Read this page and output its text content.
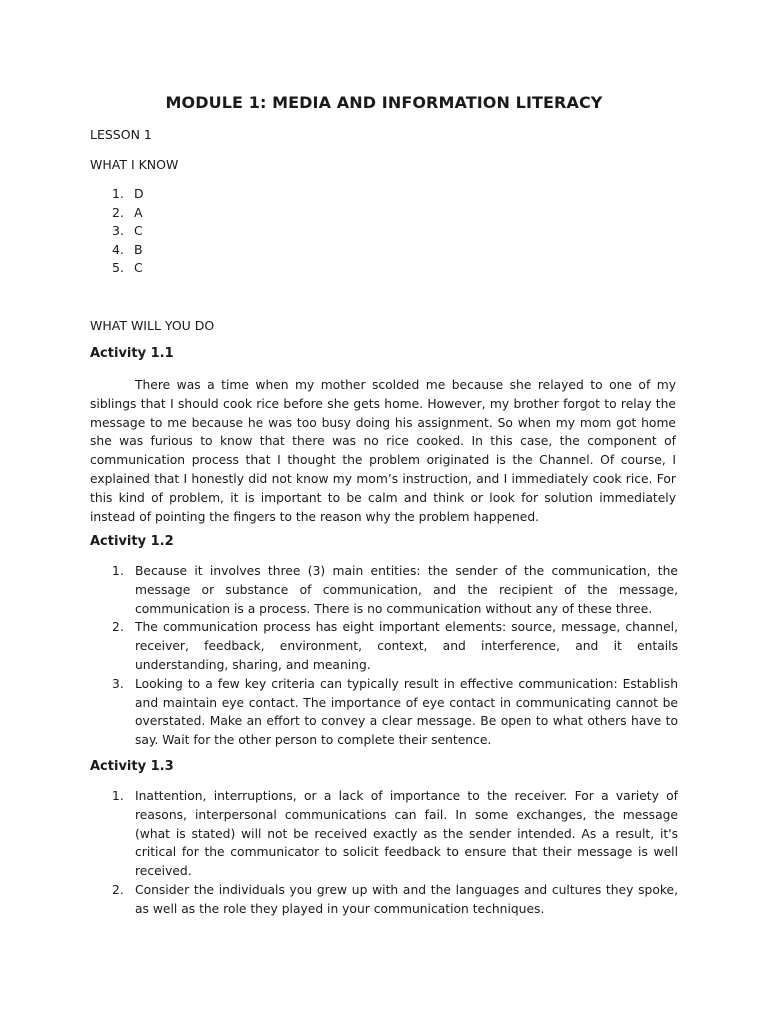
MODULE 1: MEDIA AND INFORMATION LITERACY
LESSON 1
WHAT I KNOW
1. D
2. A
3. C
4. B
5. C
WHAT WILL YOU DO
Activity 1.1

There was a time when my mother scolded me because she relayed to one of my siblings that I should cook rice before she gets home. However, my brother forgot to relay the message to me because he was too busy doing his assignment. So when my mom got home she was furious to know that there was no rice cooked. In this case, the component of communication process that I thought the problem originated is the Channel. Of course, I explained that I honestly did not know my mom’s instruction, and I immediately cook rice. For this kind of problem, it is important to be calm and think or look for solution immediately instead of pointing the fingers to the reason why the problem happened.

Activity 1.2
1. Because it involves three (3) main entities: the sender of the communication, the message or substance of communication, and the recipient of the message, communication is a process. There is no communication without any of these three.
2. The communication process has eight important elements: source, message, channel, receiver, feedback, environment, context, and interference, and it entails understanding, sharing, and meaning.
3. Looking to a few key criteria can typically result in effective communication: Establish and maintain eye contact. The importance of eye contact in communicating cannot be overstated. Make an effort to convey a clear message. Be open to what others have to say. Wait for the other person to complete their sentence.
Activity 1.3
1. Inattention, interruptions, or a lack of importance to the receiver. For a variety of reasons, interpersonal communications can fail. In some exchanges, the message (what is stated) will not be received exactly as the sender intended. As a result, it's critical for the communicator to solicit feedback to ensure that their message is well received.
2. Consider the individuals you grew up with and the languages and cultures they spoke, as well as the role they played in your communication techniques.
